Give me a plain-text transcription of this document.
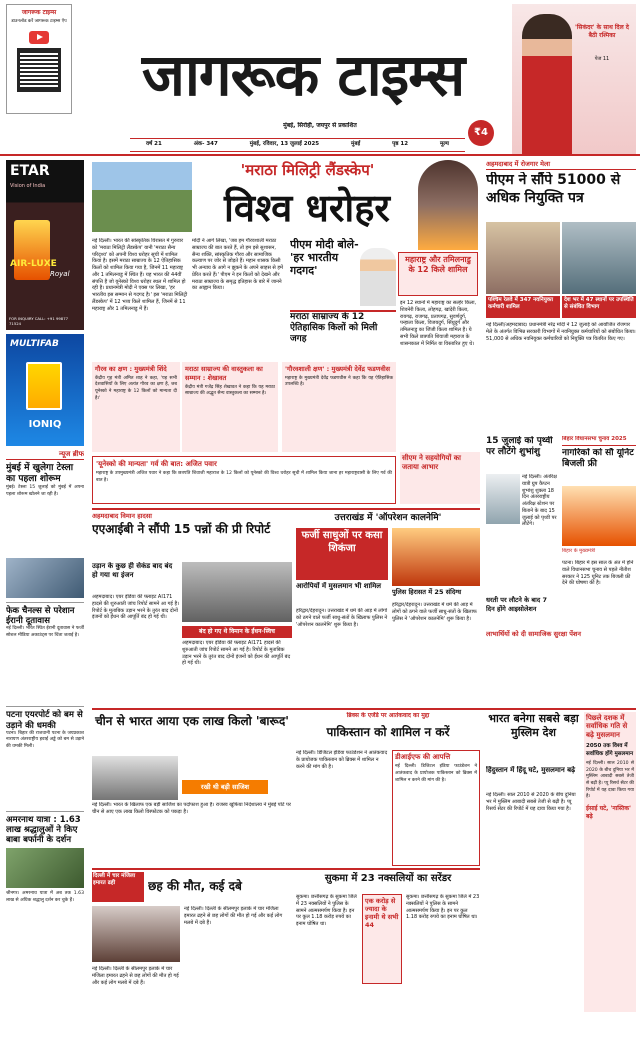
जागरूक टाइम्स
डाउनलोड करें जागरूक टाइम्स ऐप
जागरूक टाइम्स
मुंबई, सिरोही, जयपुर से प्रकाशित
₹4
'सिकंदर' के साथ दिल दे बैठी रश्मिका
पेज 11
वर्ष 21	अंक- 347	मुंबई, रविवार, 13 जुलाई 2025	मुंबई	पृष्ठ 12	मूल्य
ETAR
Vision of India
AIR-LUXE
Royal
FOR INQUIRY CALL: +91 99877 71524
MULTIFAB
IONIQ
न्यूज ब्रीफ
मुंबई में खुलेगा टेस्ला का पहला शोरूम
मुंबई। टेस्ला 15 जुलाई को मुंबई में अपना पहला शोरूम खोलने जा रही है।
फेक चैनल्स से परेशान ईरानी दूतावास
नई दिल्ली। भारत स्थित ईरानी दूतावास ने फर्जी सोशल मीडिया अकाउंट्स पर चिंता जताई है।
पटना एयरपोर्ट को बम से उड़ाने की धमकी
पटना। बिहार की राजधानी पटना के जयप्रकाश नारायण अंतरराष्ट्रीय हवाई अड्डे को बम से उड़ाने की धमकी मिली।
अमरनाथ यात्रा : 1.63 लाख श्रद्धालुओं ने किए बाबा बर्फानी के दर्शन
श्रीनगर। अमरनाथ यात्रा में अब तक 1.63 लाख से अधिक श्रद्धालु दर्शन कर चुके हैं।
'मराठा मिलिट्री लैंडस्केप'
विश्व धरोहर
नई दिल्ली। भारत की सांस्कृतिक विरासत में गुरुवार को 'मराठा मिलिट्री लैंडस्केप' यानी 'मराठा सैन्य परिदृश्य' को अपनी विश्व धरोहर सूची में शामिल किया है। इसमें मराठा साम्राज्य के 12 ऐतिहासिक किलों को शामिल किया गया है, जिनमें 11 महाराष्ट्र और 1 तमिलनाडु में स्थित हैं। यह भारत की 44वीं संपत्ति है जो यूनेस्को विश्व धरोहर स्थल में शामिल हो रही है। प्रधानमंत्री मोदी ने एक्स पर लिखा, 'हर भारतीय इस सम्मान से गदगद है।' इस 'मराठा मिलिट्री लैंडस्केप' में 12 भव्य किले शामिल हैं, जिनमें से 11 महाराष्ट्र और 1 तमिलनाडु में हैं।
मोदी ने आगे लिखा, 'जब हम गौरवशाली मराठा साम्राज्य की बात करते हैं, तो हम इसे सुशासन, सैन्य शक्ति, सांस्कृतिक गौरव और सामाजिक कल्याण पर जोर से जोड़ते हैं। महान शासक किसी भी अन्याय के आगे न झुकने के अपने साहस से हमें प्रेरित करते हैं।' पीएम ने इन किलों को देखने और मराठा साम्राज्य के समृद्ध इतिहास के बारे में जानने का आह्वान किया।
पीएम मोदी बोले- 'हर भारतीय गदगद'
महाराष्ट्र और तमिलनाडु के 12 किले शामिल
मराठा साम्राज्य के 12 ऐतिहासिक किलों को मिली जगह
इन 12 स्थानों में महाराष्ट्र का सल्हेर किला, शिवनेरी किला, लोहगढ़, खांदेरी किला, रायगढ़, राजगढ़, प्रतापगढ़, सुवर्णदुर्ग, पन्हाला किला, विजयदुर्ग, सिंधुदुर्ग और तमिलनाडु का जिंजी किला शामिल है। ये सभी किले छत्रपति शिवाजी महाराज के शासनकाल में निर्मित या विस्तारित हुए थे।
गौरव का क्षण : मुख्यमंत्री शिंदे
केंद्रीय गृह मंत्री अमित शाह ने कहा, 'यह सभी देशवासियों के लिए अत्यंत गौरव का क्षण है, जब यूनेस्को ने महाराष्ट्र के 12 किलों को मान्यता दी है।'
मराठा साम्राज्य की वास्तुकला का सम्मान : शेखावत
केंद्रीय मंत्री गजेंद्र सिंह शेखावत ने कहा कि यह मराठा साम्राज्य की अद्भुत सैन्य वास्तुकला का सम्मान है।
'गौरवशाली क्षण' : मुख्यमंत्री देवेंद्र फडणवीस
महाराष्ट्र के मुख्यमंत्री देवेंद्र फडणवीस ने कहा कि यह ऐतिहासिक उपलब्धि है।
'यूनेस्को की मान्यता' गर्व की बात: अजित पवार
महाराष्ट्र के उपमुख्यमंत्री अजित पवार ने कहा कि छत्रपति शिवाजी महाराज के 12 किलों को यूनेस्को की विश्व धरोहर सूची में शामिल किया जाना हर महाराष्ट्रवासी के लिए गर्व की बात है।
सीएम ने सहयोगियों का जताया आभार
अहमदाबाद में रोजगार मेला
पीएम ने सौंपे 51000 से अधिक नियुक्ति पत्र
पश्चिम रेलवे में 347 नवनियुक्त कर्मचारी शामिल
देश भर में 47 स्थानों पर उपस्थिति से संबंधित विभाग
नई दिल्ली/अहमदाबाद। प्रधानमंत्री नरेंद्र मोदी ने 12 जुलाई को आयोजित रोजगार मेले के अंतर्गत विभिन्न सरकारी विभागों में नवनियुक्त कर्मचारियों को संबोधित किया। 51,000 से अधिक नवनियुक्त कर्मचारियों को नियुक्ति पत्र वितरित किए गए।
15 जुलाई को पृथ्वी पर लौटेंगे शुभांशु
नई दिल्ली। अंतरिक्ष यात्री ग्रुप कैप्टन शुभांशु शुक्ला 18 दिन अंतरराष्ट्रीय अंतरिक्ष स्टेशन पर बिताने के बाद 15 जुलाई को पृथ्वी पर लौटेंगे।
धरती पर लौटने के बाद 7 दिन होंगे आइसोलेशन
बिहार विधानसभा चुनाव 2025
नागरिकों को सौ यूनिट बिजली फ्री
बिहार के मुख्यमंत्री
पटना। बिहार में इस साल के अंत में होने वाले विधानसभा चुनाव से पहले नीतीश सरकार ने 125 यूनिट तक बिजली फ्री देने की घोषणा की है।
लाभार्थियों को दी सामाजिक सुरक्षा पेंशन
अहमदाबाद विमान हादसा
एएआईबी ने सौंपी 15 पन्नों की प्री रिपोर्ट
उड़ान के कुछ ही सेकंड बाद बंद हो गया था इंजन
अहमदाबाद। एयर इंडिया की फ्लाइट AI171 हादसे की शुरुआती जांच रिपोर्ट सामने आ गई है। रिपोर्ट के मुताबिक उड़ान भरने के तुरंत बाद दोनों इंजनों को ईंधन की आपूर्ति बंद हो गई थी।
बंद हो गए थे विमान के ईंधन-स्विच
अहमदाबाद। एयर इंडिया की फ्लाइट AI171 हादसे की शुरुआती जांच रिपोर्ट सामने आ गई है। रिपोर्ट के मुताबिक उड़ान भरने के तुरंत बाद दोनों इंजनों को ईंधन की आपूर्ति बंद हो गई थी।
उत्तराखंड में 'ऑपरेशन कालनेमि'
फर्जी साधुओं पर कसा शिकंजा
आरोपियों में मुसलमान भी शामिल
हरिद्वार/देहरादून। उत्तराखंड में धर्म की आड़ में लोगों को ठगने वाले फर्जी साधु-संतों के खिलाफ पुलिस ने 'ऑपरेशन कालनेमि' शुरू किया है।
पुलिस हिरासत में 25 संदिग्ध
हरिद्वार/देहरादून। उत्तराखंड में धर्म की आड़ में लोगों को ठगने वाले फर्जी साधु-संतों के खिलाफ पुलिस ने 'ऑपरेशन कालनेमि' शुरू किया है।
चीन से भारत आया एक लाख किलो 'बारूद'
रखी थी बड़ी साजिश
नई दिल्ली। भारत के खिलाफ एक बड़ी साजिश का पर्दाफाश हुआ है। राजस्व खुफिया निदेशालय ने मुंबई पोर्ट पर चीन से आए एक लाख किलो विस्फोटक को पकड़ा है।
ब्रिक्स के एजेंडे पर आतंकवाद का मुद्दा
पाकिस्तान को शामिल न करें
नई दिल्ली। डिजिटल इंडिया फाउंडेशन ने आतंकवाद के प्रायोजक पाकिस्तान को ब्रिक्स में शामिल न करने की मांग की है।
डीआईएफ की आपत्ति
नई दिल्ली। डिजिटल इंडिया फाउंडेशन ने आतंकवाद के प्रायोजक पाकिस्तान को ब्रिक्स में शामिल न करने की मांग की है।
भारत बनेगा सबसे बड़ा मुस्लिम देश
पिछले दशक में सर्वाधिक गति से बढ़े मुसलमान
2050 तक विश्व में सर्वाधिक होंगे मुसलमान
नई दिल्ली। साल 2010 से 2020 के बीच दुनिया भर में मुस्लिम आबादी सबसे तेजी से बढ़ी है। प्यू रिसर्च सेंटर की रिपोर्ट में यह दावा किया गया है।
ईसाई घटे, 'नास्तिक' बढ़े
हिंदुस्तान में हिंदू घटे, मुसलमान बढ़े
नई दिल्ली। साल 2010 से 2020 के बीच दुनिया भर में मुस्लिम आबादी सबसे तेजी से बढ़ी है। प्यू रिसर्च सेंटर की रिपोर्ट में यह दावा किया गया है।
दिल्ली में चार मंजिला इमारत ढही	छह की मौत, कई दबे
नई दिल्ली। दिल्ली के सीलमपुर इलाके में चार मंजिला इमारत ढहने से छह लोगों की मौत हो गई और कई लोग मलबे में दबे हैं।
नई दिल्ली। दिल्ली के सीलमपुर इलाके में चार मंजिला इमारत ढहने से छह लोगों की मौत हो गई और कई लोग मलबे में दबे हैं।
सुकमा में 23 नक्सलियों का सरेंडर
सुकमा। छत्तीसगढ़ के सुकमा जिले में 23 नक्सलियों ने पुलिस के सामने आत्मसमर्पण किया है। इन पर कुल 1.18 करोड़ रुपये का इनाम घोषित था।
एक करोड़ से ज्यादा के इनामी थे सभी 44
सुकमा। छत्तीसगढ़ के सुकमा जिले में 23 नक्सलियों ने पुलिस के सामने आत्मसमर्पण किया है। इन पर कुल 1.18 करोड़ रुपये का इनाम घोषित था।
